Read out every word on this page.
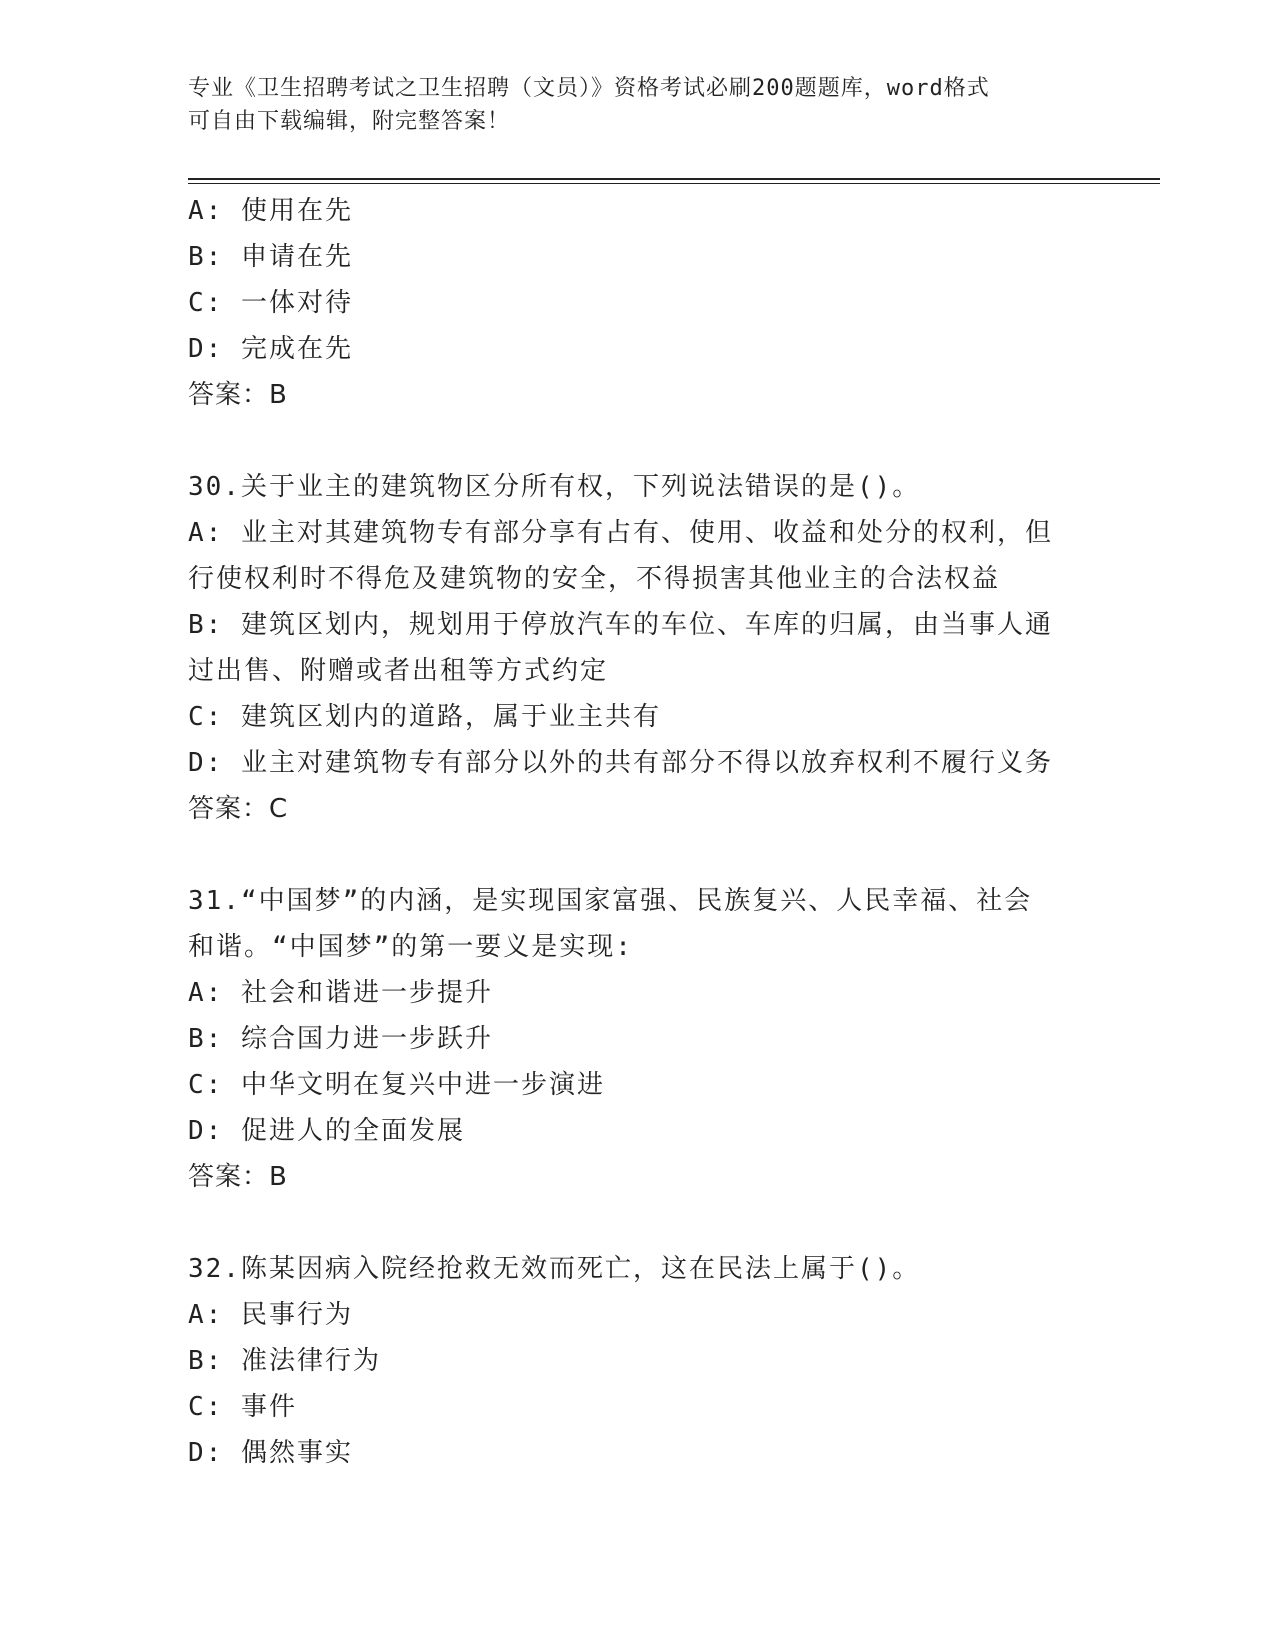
专业《卫生招聘考试之卫生招聘（文员）》资格考试必刷200题题库，word格式
可自由下载编辑，附完整答案！
A: 使用在先
B: 申请在先
C: 一体对待
D: 完成在先
答案：B
30.关于业主的建筑物区分所有权，下列说法错误的是()。
A: 业主对其建筑物专有部分享有占有、使用、收益和处分的权利，但
行使权利时不得危及建筑物的安全，不得损害其他业主的合法权益
B: 建筑区划内，规划用于停放汽车的车位、车库的归属，由当事人通
过出售、附赠或者出租等方式约定
C: 建筑区划内的道路，属于业主共有
D: 业主对建筑物专有部分以外的共有部分不得以放弃权利不履行义务
答案：C
31.“中国梦”的内涵，是实现国家富强、民族复兴、人民幸福、社会
和谐。“中国梦”的第一要义是实现:
A: 社会和谐进一步提升
B: 综合国力进一步跃升
C: 中华文明在复兴中进一步演进
D: 促进人的全面发展
答案：B
32.陈某因病入院经抢救无效而死亡，这在民法上属于()。
A: 民事行为
B: 准法律行为
C: 事件
D: 偶然事实
